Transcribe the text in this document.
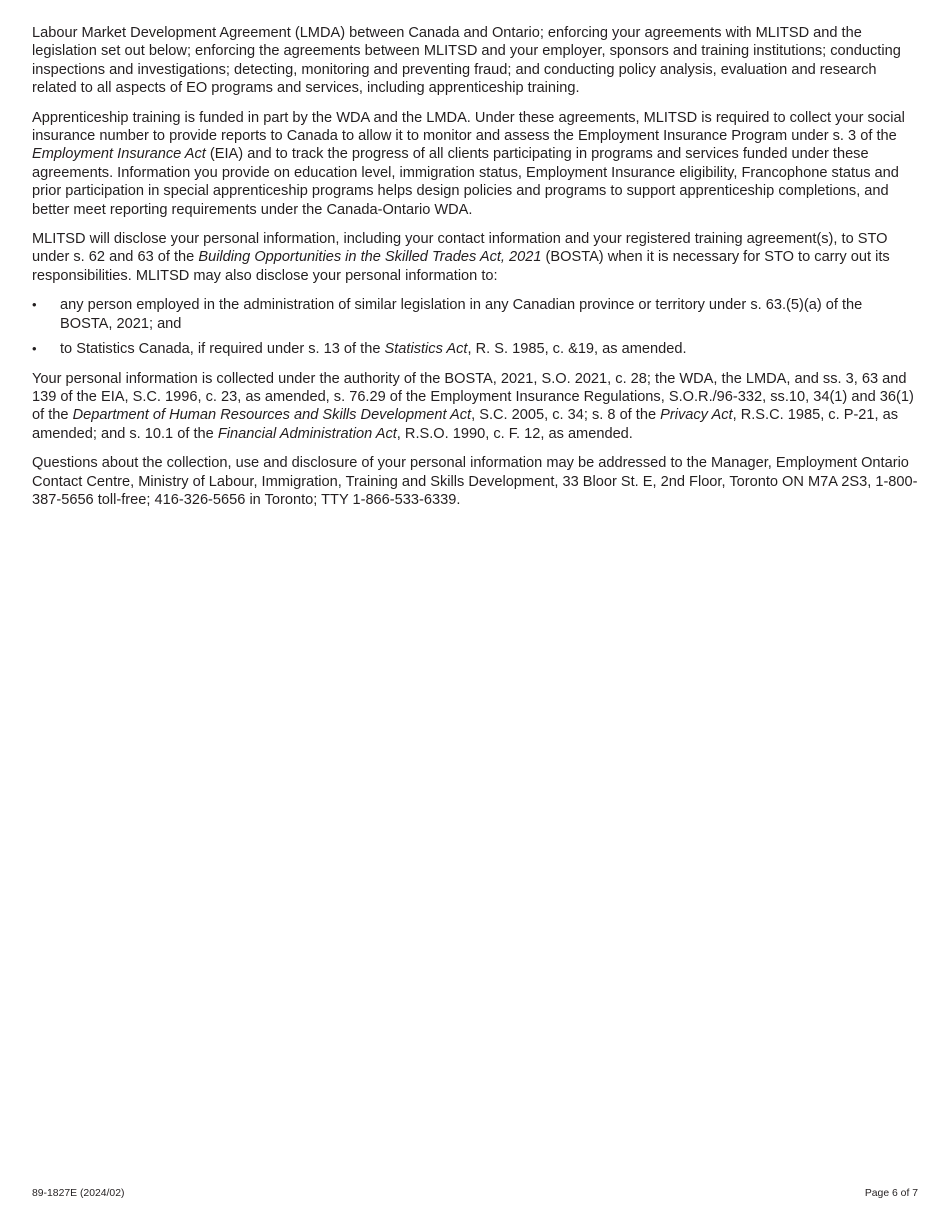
Labour Market Development Agreement (LMDA) between Canada and Ontario; enforcing your agreements with MLITSD and the legislation set out below; enforcing the agreements between MLITSD and your employer, sponsors and training institutions; conducting inspections and investigations; detecting, monitoring and preventing fraud; and conducting policy analysis, evaluation and research related to all aspects of EO programs and services, including apprenticeship training.

Apprenticeship training is funded in part by the WDA and the LMDA. Under these agreements, MLITSD is required to collect your social insurance number to provide reports to Canada to allow it to monitor and assess the Employment Insurance Program under s. 3 of the Employment Insurance Act (EIA) and to track the progress of all clients participating in programs and services funded under these agreements. Information you provide on education level, immigration status, Employment Insurance eligibility, Francophone status and prior participation in special apprenticeship programs helps design policies and programs to support apprenticeship completions, and better meet reporting requirements under the Canada-Ontario WDA.

MLITSD will disclose your personal information, including your contact information and your registered training agreement(s), to STO under s. 62 and 63 of the Building Opportunities in the Skilled Trades Act, 2021 (BOSTA) when it is necessary for STO to carry out its responsibilities. MLITSD may also disclose your personal information to:

•	any person employed in the administration of similar legislation in any Canadian province or territory under s. 63.(5)(a) of the BOSTA, 2021; and
•	to Statistics Canada, if required under s. 13 of the Statistics Act, R. S. 1985, c. &19, as amended.

Your personal information is collected under the authority of the BOSTA, 2021, S.O. 2021, c. 28; the WDA, the LMDA, and ss. 3, 63 and 139 of the EIA, S.C. 1996, c. 23, as amended, s. 76.29 of the Employment Insurance Regulations, S.O.R./96-332, ss.10, 34(1) and 36(1) of the Department of Human Resources and Skills Development Act, S.C. 2005, c. 34; s. 8 of the Privacy Act, R.S.C. 1985, c. P-21, as amended; and s. 10.1 of the Financial Administration Act, R.S.O. 1990, c. F. 12, as amended.

Questions about the collection, use and disclosure of your personal information may be addressed to the Manager, Employment Ontario Contact Centre, Ministry of Labour, Immigration, Training and Skills Development, 33 Bloor St. E, 2nd Floor, Toronto ON M7A 2S3, 1-800-387-5656 toll-free; 416-326-5656 in Toronto; TTY 1-866-533-6339.

89-1827E (2024/02)	Page 6 of 7
